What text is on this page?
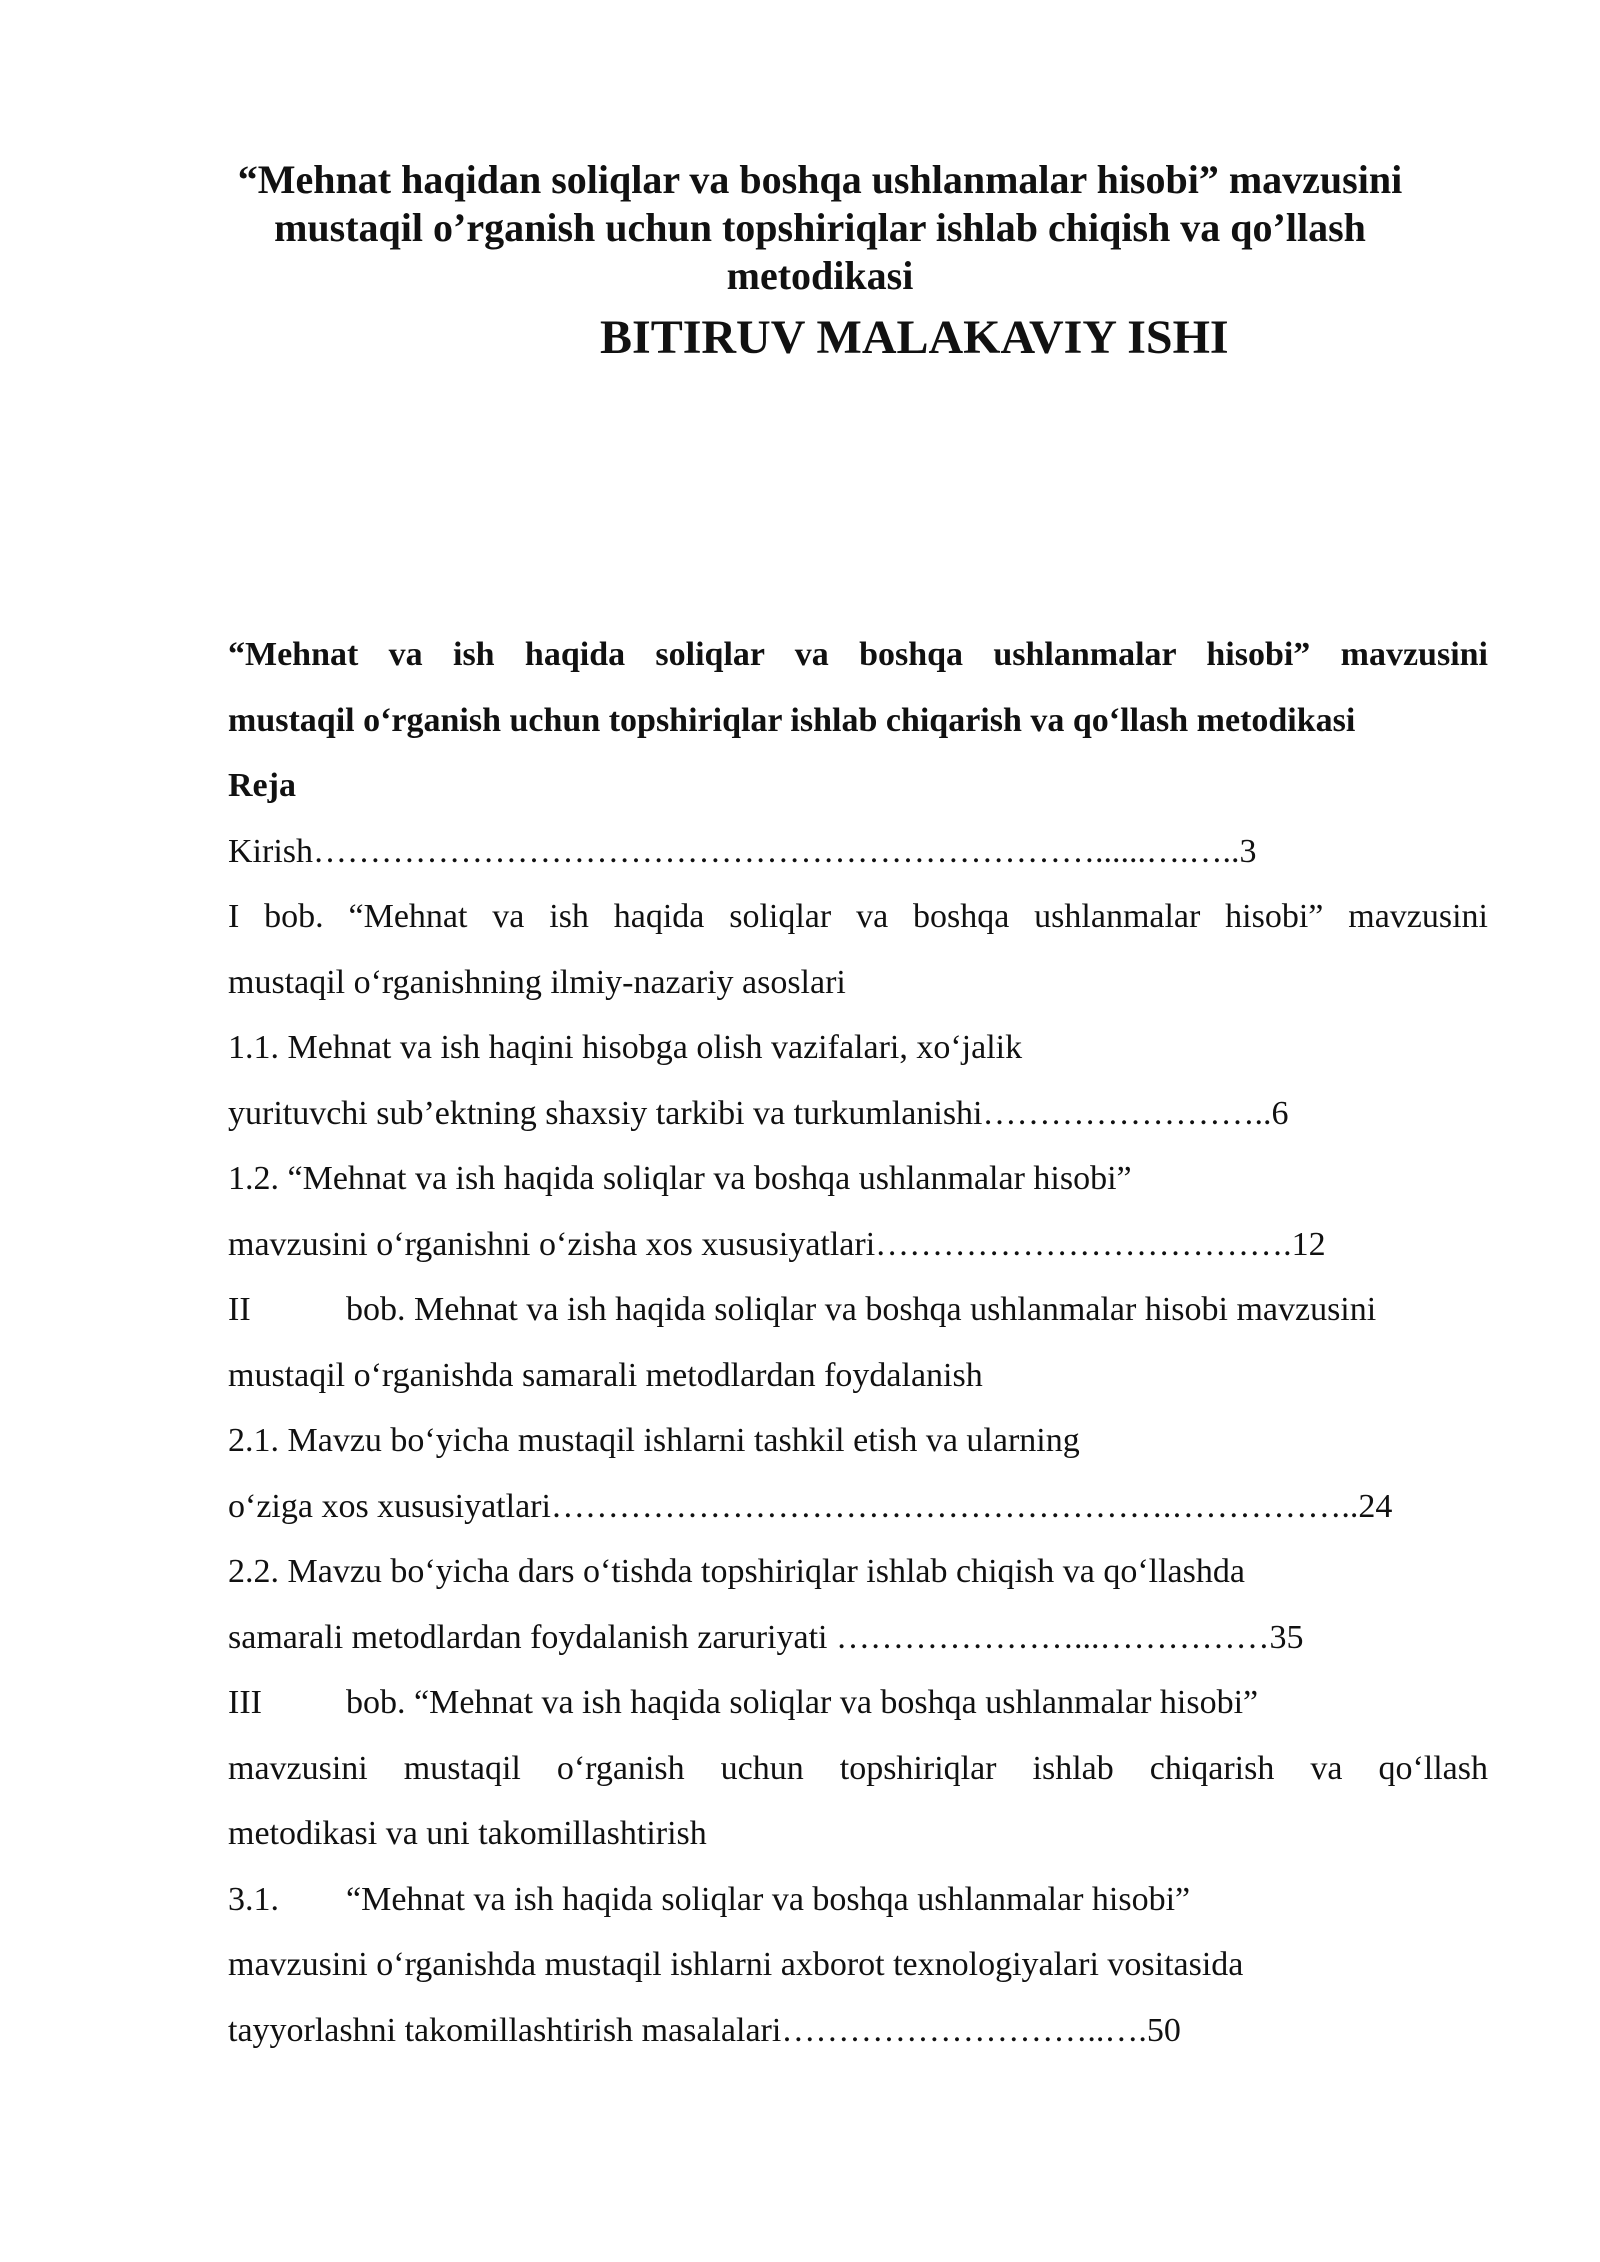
“Mehnat haqidan soliqlar va boshqa ushlanmalar hisobi” mavzusini
mustaqil o’rganish uchun topshiriqlar ishlab chiqish va qo’llash
metodikasi
BITIRUV MALAKAVIY ISHI
“Mehnat va ish haqida soliqlar va boshqa ushlanmalar hisobi” mavzusini
mustaqil o‘rganish uchun topshiriqlar ishlab chiqarish va qo‘llash metodikasi
Reja
Kirish……………………………………………………………......….…..3
I bob. “Mehnat va ish haqida soliqlar va boshqa ushlanmalar hisobi” mavzusini
mustaqil o‘rganishning ilmiy-nazariy asoslari
1.1. Mehnat va ish haqini hisobga olish vazifalari, xo‘jalik
yurituvchi sub’ektning shaxsiy tarkibi va turkumlanishi……………………..6
1.2. “Mehnat va ish haqida soliqlar va boshqa ushlanmalar hisobi”
mavzusini o‘rganishni o‘zisha xos xususiyatlari……………………………….12
II	bob. Mehnat va ish haqida soliqlar va boshqa ushlanmalar hisobi mavzusini
mustaqil o‘rganishda samarali metodlardan foydalanish
2.1. Mavzu bo‘yicha mustaqil ishlarni tashkil etish va ularning
o‘ziga xos xususiyatlari……………………………………………….……………..24
2.2. Mavzu bo‘yicha dars o‘tishda topshiriqlar ishlab chiqish va qo‘llashda
samarali metodlardan foydalanish zaruriyati …………………...……………35
III bob. “Mehnat va ish haqida soliqlar va boshqa ushlanmalar hisobi”
mavzusini mustaqil o‘rganish uchun topshiriqlar ishlab chiqarish va qo‘llash
metodikasi va uni takomillashtirish
3.1. “Mehnat va ish haqida soliqlar va boshqa ushlanmalar hisobi”
mavzusini o‘rganishda mustaqil ishlarni axborot texnologiyalari vositasida
tayyorlashni takomillashtirish masalalari………………………..….50
